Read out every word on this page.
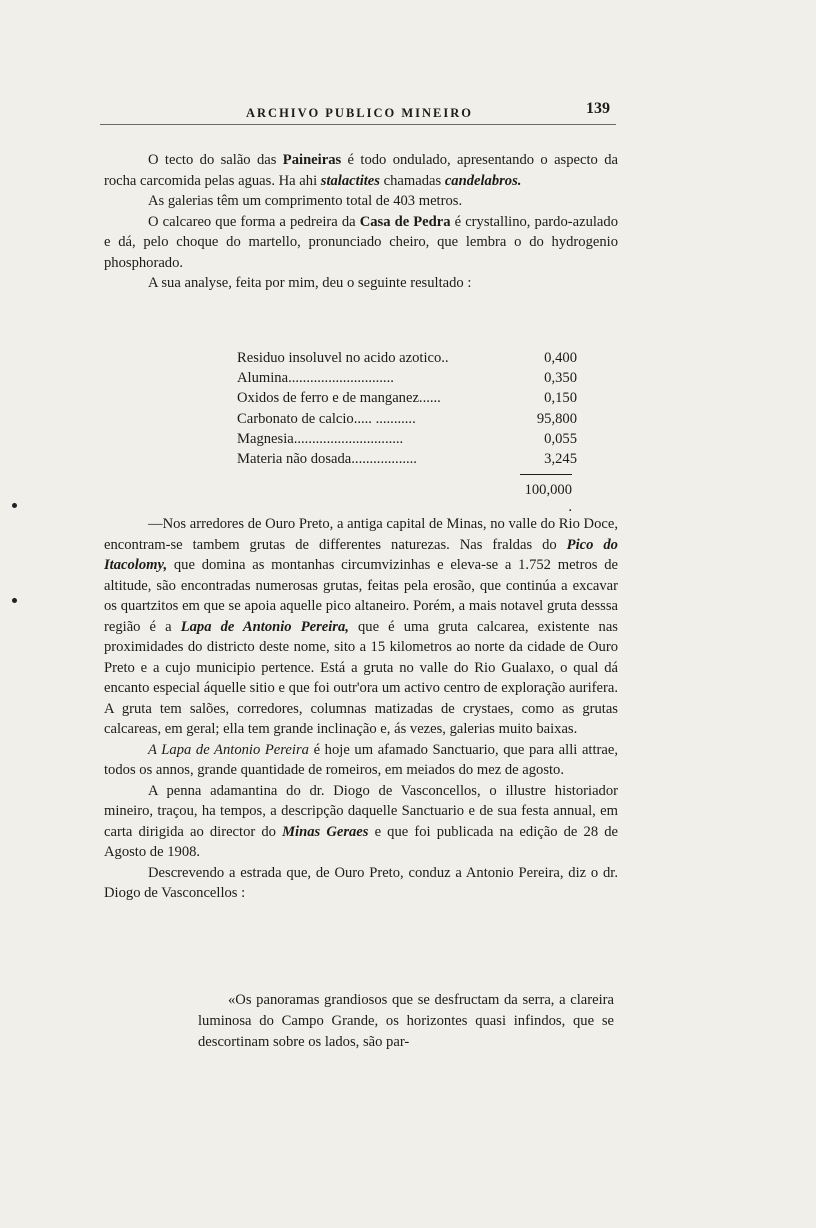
ARCHIVO PUBLICO MINEIRO	139

O tecto do salão das Paineiras é todo ondulado, apresentando o aspecto da rocha carcomida pelas aguas. Ha ahi stalactites chamadas candelabros.

As galerias têm um comprimento total de 403 metros.

O calcareo que forma a pedreira da Casa de Pedra é crystallino, pardo-azulado e dá, pelo choque do martello, pronunciado cheiro, que lembra o do hydrogenio phosphorado.

A sua analyse, feita por mim, deu o seguinte resultado :

Residuo insoluvel no acido azotico..	0,400
Alumina.............................	0,350
Oxidos de ferro e de manganez......	0,150
Carbonato de calcio..... ...........	95,800
Magnesia..............................	0,055
Materia não dosada..................	3,245
100,000 .

—Nos arredores de Ouro Preto, a antiga capital de Minas, no valle do Rio Doce, encontram-se tambem grutas de differentes naturezas. Nas fraldas do Pico do Itacolomy, que domina as montanhas circumvizinhas e eleva-se a 1.752 metros de altitude, são encontradas numerosas grutas, feitas pela erosão, que continúa a excavar os quartzitos em que se apoia aquelle pico altaneiro. Porém, a mais notavel gruta desssa região é a Lapa de Antonio Pereira, que é uma gruta calcarea, existente nas proximidades do districto deste nome, sito a 15 kilometros ao norte da cidade de Ouro Preto e a cujo municipio pertence. Está a gruta no valle do Rio Gualaxo, o qual dá encanto especial áquelle sitio e que foi outr'ora um activo centro de exploração aurifera. A gruta tem salões, corredores, columnas matizadas de crystaes, como as grutas calcareas, em geral; ella tem grande inclinação e, ás vezes, galerias muito baixas.

A Lapa de Antonio Pereira é hoje um afamado Sanctuario, que para alli attrae, todos os annos, grande quantidade de romeiros, em meiados do mez de agosto.

A penna adamantina do dr. Diogo de Vasconcellos, o illustre historiador mineiro, traçou, ha tempos, a descripção daquelle Sanctuario e de sua festa annual, em carta dirigida ao director do Minas Geraes e que foi publicada na edição de 28 de Agosto de 1908.

Descrevendo a estrada que, de Ouro Preto, conduz a Antonio Pereira, diz o dr. Diogo de Vasconcellos :

«Os panoramas grandiosos que se desfructam da serra, a clareira luminosa do Campo Grande, os horizontes quasi infindos, que se descortinam sobre os lados, são par-
